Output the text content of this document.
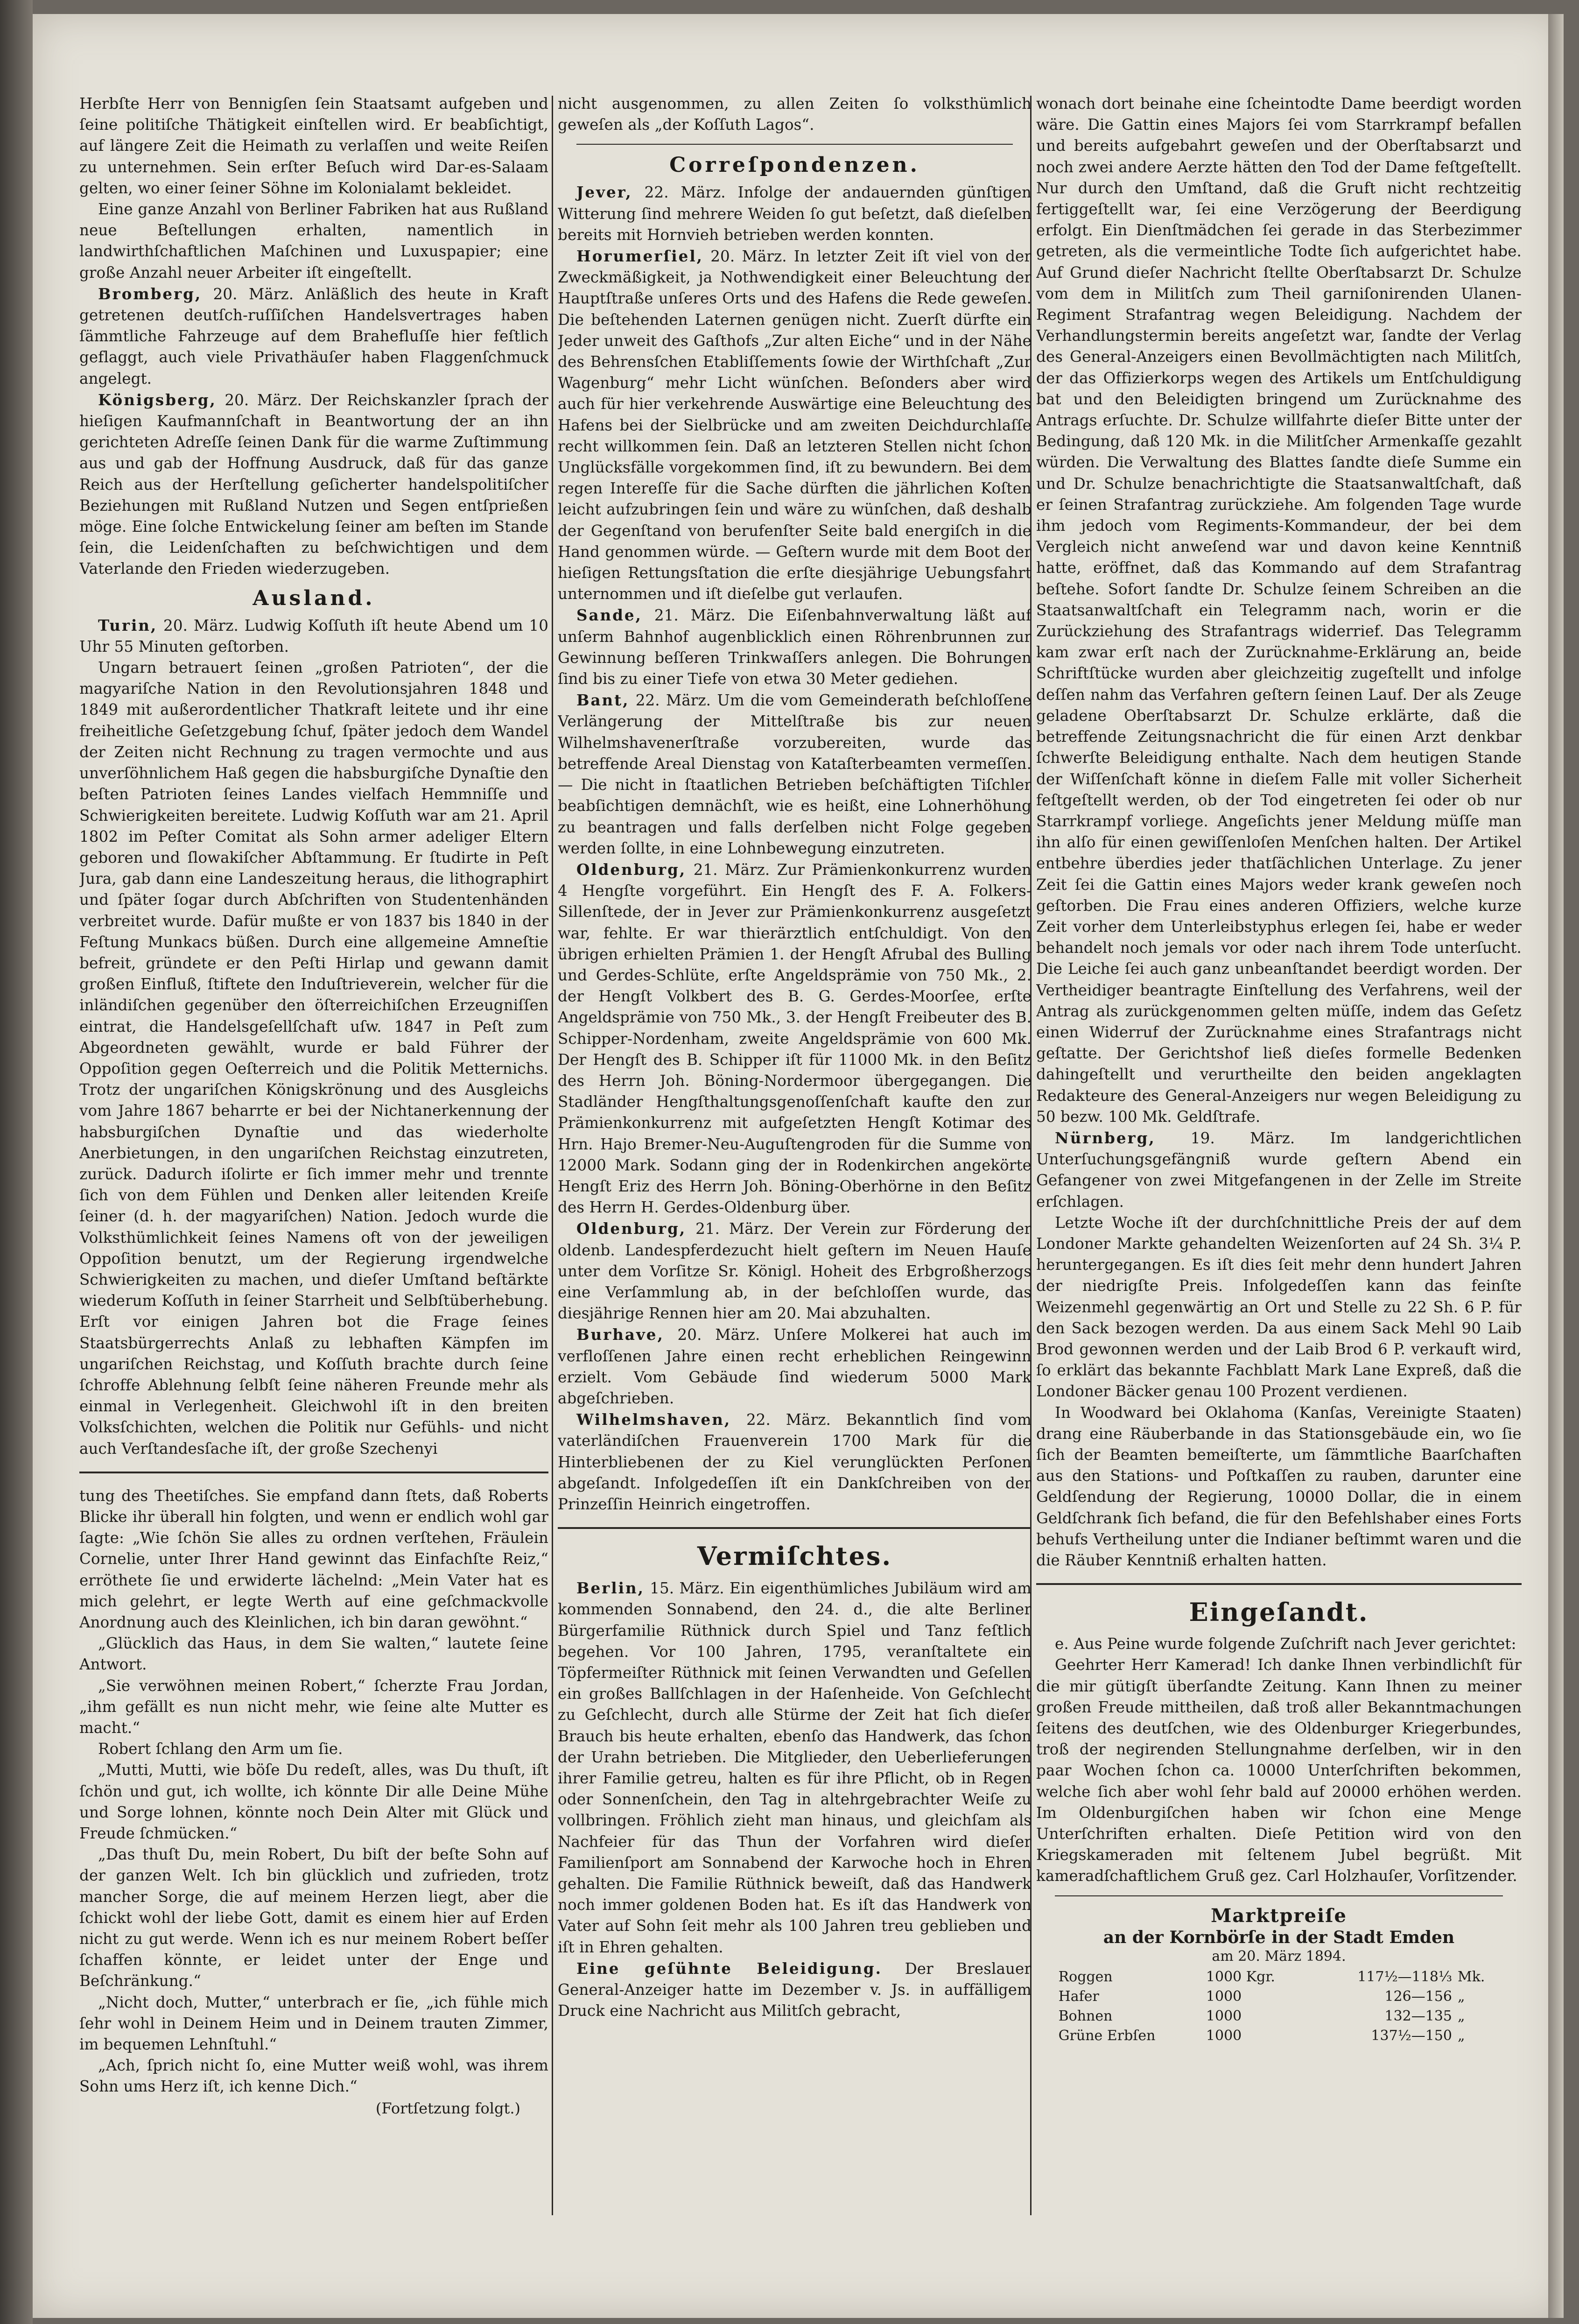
Herbſte Herr von Bennigſen ſein Staatsamt aufgeben und ſeine politiſche Thätigkeit einſtellen wird. Er beabſichtigt, auf längere Zeit die Heimath zu verlaſſen und weite Reiſen zu unternehmen. Sein erſter Beſuch wird Dar-es-Salaam gelten, wo einer ſeiner Söhne im Kolonialamt bekleidet.

Eine ganze Anzahl von Berliner Fabriken hat aus Rußland neue Beſtellungen erhalten, namentlich in landwirthſchaftlichen Maſchinen und Luxuspapier; eine große Anzahl neuer Arbeiter iſt eingeſtellt.

Bromberg, 20. März. Anläßlich des heute in Kraft getretenen deutſch-ruſſiſchen Handelsvertrages haben ſämmtliche Fahrzeuge auf dem Brahefluſſe hier feſtlich geflaggt, auch viele Privathäuſer haben Flaggenſchmuck angelegt.

Königsberg, 20. März. Der Reichskanzler ſprach der hieſigen Kaufmannſchaft in Beantwortung der an ihn gerichteten Adreſſe ſeinen Dank für die warme Zuſtimmung aus und gab der Hoffnung Ausdruck, daß für das ganze Reich aus der Herſtellung geſicherter handelspolitiſcher Beziehungen mit Rußland Nutzen und Segen entſprießen möge. Eine ſolche Entwickelung ſeiner am beſten im Stande ſein, die Leidenſchaften zu beſchwichtigen und dem Vaterlande den Frieden wiederzugeben.

Ausland.

Turin, 20. März. Ludwig Koſſuth iſt heute Abend um 10 Uhr 55 Minuten geſtorben.

Ungarn betrauert ſeinen „großen Patrioten“, der die magyariſche Nation in den Revolutionsjahren 1848 und 1849 mit außerordentlicher Thatkraft leitete und ihr eine freiheitliche Geſetzgebung ſchuf, ſpäter jedoch dem Wandel der Zeiten nicht Rechnung zu tragen vermochte und aus unverſöhnlichem Haß gegen die habsburgiſche Dynaſtie den beſten Patrioten ſeines Landes vielfach Hemmniſſe und Schwierigkeiten bereitete. Ludwig Koſſuth war am 21. April 1802 im Peſter Comitat als Sohn armer adeliger Eltern geboren und ſlowakiſcher Abſtammung. Er ſtudirte in Peſt Jura, gab dann eine Landeszeitung heraus, die lithographirt und ſpäter ſogar durch Abſchriften von Studentenhänden verbreitet wurde. Dafür mußte er von 1837 bis 1840 in der Feſtung Munkacs büßen. Durch eine allgemeine Amneſtie befreit, gründete er den Peſti Hirlap und gewann damit großen Einfluß, ſtiftete den Induſtrieverein, welcher für die inländiſchen gegenüber den öſterreichiſchen Erzeugniſſen eintrat, die Handelsgeſellſchaft uſw. 1847 in Peſt zum Abgeordneten gewählt, wurde er bald Führer der Oppoſition gegen Oeſterreich und die Politik Metternichs. Trotz der ungariſchen Königskrönung und des Ausgleichs vom Jahre 1867 beharrte er bei der Nichtanerkennung der habsburgiſchen Dynaſtie und das wiederholte Anerbietungen, in den ungariſchen Reichstag einzutreten, zurück. Dadurch iſolirte er ſich immer mehr und trennte ſich von dem Fühlen und Denken aller leitenden Kreiſe ſeiner (d. h. der magyariſchen) Nation. Jedoch wurde die Volksthümlichkeit ſeines Namens oft von der jeweiligen Oppoſition benutzt, um der Regierung irgendwelche Schwierigkeiten zu machen, und dieſer Umſtand beſtärkte wiederum Koſſuth in ſeiner Starrheit und Selbſtüberhebung. Erſt vor einigen Jahren bot die Frage ſeines Staatsbürgerrechts Anlaß zu lebhaften Kämpfen im ungariſchen Reichstag, und Koſſuth brachte durch ſeine ſchroffe Ablehnung ſelbſt ſeine näheren Freunde mehr als einmal in Verlegenheit. Gleichwohl iſt in den breiten Volksſchichten, welchen die Politik nur Gefühls- und nicht auch Verſtandesſache iſt, der große Szechenyi

tung des Theetiſches. Sie empfand dann ſtets, daß Roberts Blicke ihr überall hin folgten, und wenn er endlich wohl gar ſagte: „Wie ſchön Sie alles zu ordnen verſtehen, Fräulein Cornelie, unter Ihrer Hand gewinnt das Einfachſte Reiz,“ erröthete ſie und erwiderte lächelnd: „Mein Vater hat es mich gelehrt, er legte Werth auf eine geſchmackvolle Anordnung auch des Kleinlichen, ich bin daran gewöhnt.“

„Glücklich das Haus, in dem Sie walten,“ lautete ſeine Antwort.

„Sie verwöhnen meinen Robert,“ ſcherzte Frau Jordan, „ihm gefällt es nun nicht mehr, wie ſeine alte Mutter es macht.“

Robert ſchlang den Arm um ſie.

„Mutti, Mutti, wie böſe Du redeſt, alles, was Du thuſt, iſt ſchön und gut, ich wollte, ich könnte Dir alle Deine Mühe und Sorge lohnen, könnte noch Dein Alter mit Glück und Freude ſchmücken.“

„Das thuſt Du, mein Robert, Du biſt der beſte Sohn auf der ganzen Welt. Ich bin glücklich und zufrieden, trotz mancher Sorge, die auf meinem Herzen liegt, aber die ſchickt wohl der liebe Gott, damit es einem hier auf Erden nicht zu gut werde. Wenn ich es nur meinem Robert beſſer ſchaffen könnte, er leidet unter der Enge und Beſchränkung.“

„Nicht doch, Mutter,“ unterbrach er ſie, „ich fühle mich ſehr wohl in Deinem Heim und in Deinem trauten Zimmer, im bequemen Lehnſtuhl.“

„Ach, ſprich nicht ſo, eine Mutter weiß wohl, was ihrem Sohn ums Herz iſt, ich kenne Dich.“

(Fortſetzung folgt.)

nicht ausgenommen, zu allen Zeiten ſo volksthümlich geweſen als „der Koſſuth Lagos“.

Correſpondenzen.

Jever, 22. März. Infolge der andauernden günſtigen Witterung ſind mehrere Weiden ſo gut beſetzt, daß dieſelben bereits mit Hornvieh betrieben werden konnten.

Horumerſiel, 20. März. In letzter Zeit iſt viel von der Zweckmäßigkeit, ja Nothwendigkeit einer Beleuchtung der Hauptſtraße unſeres Orts und des Hafens die Rede geweſen. Die beſtehenden Laternen genügen nicht. Zuerſt dürfte ein Jeder unweit des Gaſthofs „Zur alten Eiche“ und in der Nähe des Behrensſchen Etabliſſements ſowie der Wirthſchaft „Zur Wagenburg“ mehr Licht wünſchen. Beſonders aber wird auch für hier verkehrende Auswärtige eine Beleuchtung des Hafens bei der Sielbrücke und am zweiten Deichdurchlaſſe recht willkommen ſein. Daß an letzteren Stellen nicht ſchon Unglücksfälle vorgekommen ſind, iſt zu bewundern. Bei dem regen Intereſſe für die Sache dürften die jährlichen Koſten leicht aufzubringen ſein und wäre zu wünſchen, daß deshalb der Gegenſtand von berufenſter Seite bald energiſch in die Hand genommen würde. — Geſtern wurde mit dem Boot der hieſigen Rettungsſtation die erſte diesjährige Uebungsfahrt unternommen und iſt dieſelbe gut verlaufen.

Sande, 21. März. Die Eiſenbahnverwaltung läßt auf unſerm Bahnhof augenblicklich einen Röhrenbrunnen zur Gewinnung beſſeren Trinkwaſſers anlegen. Die Bohrungen ſind bis zu einer Tiefe von etwa 30 Meter gediehen.

Bant, 22. März. Um die vom Gemeinderath beſchloſſene Verlängerung der Mittelſtraße bis zur neuen Wilhelmshavenerſtraße vorzubereiten, wurde das betreffende Areal Dienstag von Kataſterbeamten vermeſſen. — Die nicht in ſtaatlichen Betrieben beſchäftigten Tiſchler beabſichtigen demnächſt, wie es heißt, eine Lohnerhöhung zu beantragen und falls derſelben nicht Folge gegeben werden ſollte, in eine Lohnbewegung einzutreten.

Oldenburg, 21. März. Zur Prämienkonkurrenz wurden 4 Hengſte vorgeführt. Ein Hengſt des F. A. Folkers-Sillenſtede, der in Jever zur Prämienkonkurrenz ausgeſetzt war, fehlte. Er war thierärztlich entſchuldigt. Von den übrigen erhielten Prämien 1. der Hengſt Afrubal des Bulling und Gerdes-Schlüte, erſte Angeldsprämie von 750 Mk., 2. der Hengſt Volkbert des B. G. Gerdes-Moorſee, erſte Angeldsprämie von 750 Mk., 3. der Hengſt Freibeuter des B. Schipper-Nordenham, zweite Angeldsprämie von 600 Mk. Der Hengſt des B. Schipper iſt für 11000 Mk. in den Beſitz des Herrn Joh. Böning-Nordermoor übergegangen. Die Stadländer Hengſthaltungsgenoſſenſchaft kaufte den zur Prämienkonkurrenz mit aufgeſetzten Hengſt Kotimar des Hrn. Hajo Bremer-Neu-Auguſtengroden für die Summe von 12000 Mark. Sodann ging der in Rodenkirchen angekörte Hengſt Eriz des Herrn Joh. Böning-Oberhörne in den Beſitz des Herrn H. Gerdes-Oldenburg über.

Oldenburg, 21. März. Der Verein zur Förderung der oldenb. Landespferdezucht hielt geſtern im Neuen Hauſe unter dem Vorſitze Sr. Königl. Hoheit des Erbgroßherzogs eine Verſammlung ab, in der beſchloſſen wurde, das diesjährige Rennen hier am 20. Mai abzuhalten.

Burhave, 20. März. Unſere Molkerei hat auch im verfloſſenen Jahre einen recht erheblichen Reingewinn erzielt. Vom Gebäude ſind wiederum 5000 Mark abgeſchrieben.

Wilhelmshaven, 22. März. Bekanntlich ſind vom vaterländiſchen Frauenverein 1700 Mark für die Hinterbliebenen der zu Kiel verunglückten Perſonen abgeſandt. Infolgedeſſen iſt ein Dankſchreiben von der Prinzeſſin Heinrich eingetroffen.

Vermiſchtes.

Berlin, 15. März. Ein eigenthümliches Jubiläum wird am kommenden Sonnabend, den 24. d., die alte Berliner Bürgerfamilie Rüthnick durch Spiel und Tanz feſtlich begehen. Vor 100 Jahren, 1795, veranſtaltete ein Töpfermeiſter Rüthnick mit ſeinen Verwandten und Geſellen ein großes Ballſchlagen in der Haſenheide. Von Geſchlecht zu Geſchlecht, durch alle Stürme der Zeit hat ſich dieſer Brauch bis heute erhalten, ebenſo das Handwerk, das ſchon der Urahn betrieben. Die Mitglieder, den Ueberlieferungen ihrer Familie getreu, halten es für ihre Pflicht, ob in Regen oder Sonnenſchein, den Tag in altehrgebrachter Weiſe zu vollbringen. Fröhlich zieht man hinaus, und gleichſam als Nachfeier für das Thun der Vorfahren wird dieſer Familienſport am Sonnabend der Karwoche hoch in Ehren gehalten. Die Familie Rüthnick beweiſt, daß das Handwerk noch immer goldenen Boden hat. Es iſt das Handwerk von Vater auf Sohn ſeit mehr als 100 Jahren treu geblieben und iſt in Ehren gehalten.

Eine geſühnte Beleidigung. Der Breslauer General-Anzeiger hatte im Dezember v. Js. in auffälligem Druck eine Nachricht aus Militſch gebracht,

wonach dort beinahe eine ſcheintodte Dame beerdigt worden wäre. Die Gattin eines Majors ſei vom Starrkrampf befallen und bereits aufgebahrt geweſen und der Oberſtabsarzt und noch zwei andere Aerzte hätten den Tod der Dame feſtgeſtellt. Nur durch den Umſtand, daß die Gruft nicht rechtzeitig fertiggeſtellt war, ſei eine Verzögerung der Beerdigung erfolgt. Ein Dienſtmädchen ſei gerade in das Sterbezimmer getreten, als die vermeintliche Todte ſich aufgerichtet habe. Auf Grund dieſer Nachricht ſtellte Oberſtabsarzt Dr. Schulze vom dem in Militſch zum Theil garniſonirenden Ulanen-Regiment Strafantrag wegen Beleidigung. Nachdem der Verhandlungstermin bereits angeſetzt war, ſandte der Verlag des General-Anzeigers einen Bevollmächtigten nach Militſch, der das Offizierkorps wegen des Artikels um Entſchuldigung bat und den Beleidigten bringend um Zurücknahme des Antrags erſuchte. Dr. Schulze willfahrte dieſer Bitte unter der Bedingung, daß 120 Mk. in die Militſcher Armenkaſſe gezahlt würden. Die Verwaltung des Blattes ſandte dieſe Summe ein und Dr. Schulze benachrichtigte die Staatsanwaltſchaft, daß er ſeinen Strafantrag zurückziehe. Am folgenden Tage wurde ihm jedoch vom Regiments-Kommandeur, der bei dem Vergleich nicht anweſend war und davon keine Kenntniß hatte, eröffnet, daß das Kommando auf dem Strafantrag beſtehe. Sofort ſandte Dr. Schulze ſeinem Schreiben an die Staatsanwaltſchaft ein Telegramm nach, worin er die Zurückziehung des Strafantrags widerrief. Das Telegramm kam zwar erſt nach der Zurücknahme-Erklärung an, beide Schriftſtücke wurden aber gleichzeitig zugeſtellt und infolge deſſen nahm das Verfahren geſtern ſeinen Lauf. Der als Zeuge geladene Oberſtabsarzt Dr. Schulze erklärte, daß die betreffende Zeitungsnachricht die für einen Arzt denkbar ſchwerſte Beleidigung enthalte. Nach dem heutigen Stande der Wiſſenſchaft könne in dieſem Falle mit voller Sicherheit feſtgeſtellt werden, ob der Tod eingetreten ſei oder ob nur Starrkrampf vorliege. Angeſichts jener Meldung müſſe man ihn alſo für einen gewiſſenloſen Menſchen halten. Der Artikel entbehre überdies jeder thatſächlichen Unterlage. Zu jener Zeit ſei die Gattin eines Majors weder krank geweſen noch geſtorben. Die Frau eines anderen Offiziers, welche kurze Zeit vorher dem Unterleibstyphus erlegen ſei, habe er weder behandelt noch jemals vor oder nach ihrem Tode unterſucht. Die Leiche ſei auch ganz unbeanſtandet beerdigt worden. Der Vertheidiger beantragte Einſtellung des Verfahrens, weil der Antrag als zurückgenommen gelten müſſe, indem das Geſetz einen Widerruf der Zurücknahme eines Strafantrags nicht geſtatte. Der Gerichtshof ließ dieſes formelle Bedenken dahingeſtellt und verurtheilte den beiden angeklagten Redakteure des General-Anzeigers nur wegen Beleidigung zu 50 bezw. 100 Mk. Geldſtrafe.

Nürnberg, 19. März. Im landgerichtlichen Unterſuchungsgefängniß wurde geſtern Abend ein Gefangener von zwei Mitgefangenen in der Zelle im Streite erſchlagen.

Letzte Woche iſt der durchſchnittliche Preis der auf dem Londoner Markte gehandelten Weizenſorten auf 24 Sh. 3¼ P. heruntergegangen. Es iſt dies ſeit mehr denn hundert Jahren der niedrigſte Preis. Infolgedeſſen kann das feinſte Weizenmehl gegenwärtig an Ort und Stelle zu 22 Sh. 6 P. für den Sack bezogen werden. Da aus einem Sack Mehl 90 Laib Brod gewonnen werden und der Laib Brod 6 P. verkauft wird, ſo erklärt das bekannte Fachblatt Mark Lane Expreß, daß die Londoner Bäcker genau 100 Prozent verdienen.

In Woodward bei Oklahoma (Kanſas, Vereinigte Staaten) drang eine Räuberbande in das Stationsgebäude ein, wo ſie ſich der Beamten bemeiſterte, um ſämmtliche Baarſchaften aus den Stations- und Poſtkaſſen zu rauben, darunter eine Geldſendung der Regierung, 10000 Dollar, die in einem Geldſchrank ſich befand, die für den Befehlshaber eines Forts behufs Vertheilung unter die Indianer beſtimmt waren und die die Räuber Kenntniß erhalten hatten.

Eingeſandt.

e. Aus Peine wurde folgende Zuſchrift nach Jever gerichtet:

Geehrter Herr Kamerad! Ich danke Ihnen verbindlichſt für die mir gütigſt überſandte Zeitung. Kann Ihnen zu meiner großen Freude mittheilen, daß troß aller Bekanntmachungen ſeitens des deutſchen, wie des Oldenburger Kriegerbundes, troß der negirenden Stellungnahme derſelben, wir in den paar Wochen ſchon ca. 10000 Unterſchriften bekommen, welche ſich aber wohl ſehr bald auf 20000 erhöhen werden. Im Oldenburgiſchen haben wir ſchon eine Menge Unterſchriften erhalten. Dieſe Petition wird von den Kriegskameraden mit ſeltenem Jubel begrüßt. Mit kameradſchaftlichem Gruß gez. Carl Holzhauſer, Vorſitzender.

Marktpreiſe
an der Kornbörſe in der Stadt Emden
am 20. März 1894.
Roggen	1000 Kgr.	117½—118⅓	Mk.
Hafer	1000	126—156	„
Bohnen	1000	132—135	„
Grüne Erbſen	1000	137½—150	„
